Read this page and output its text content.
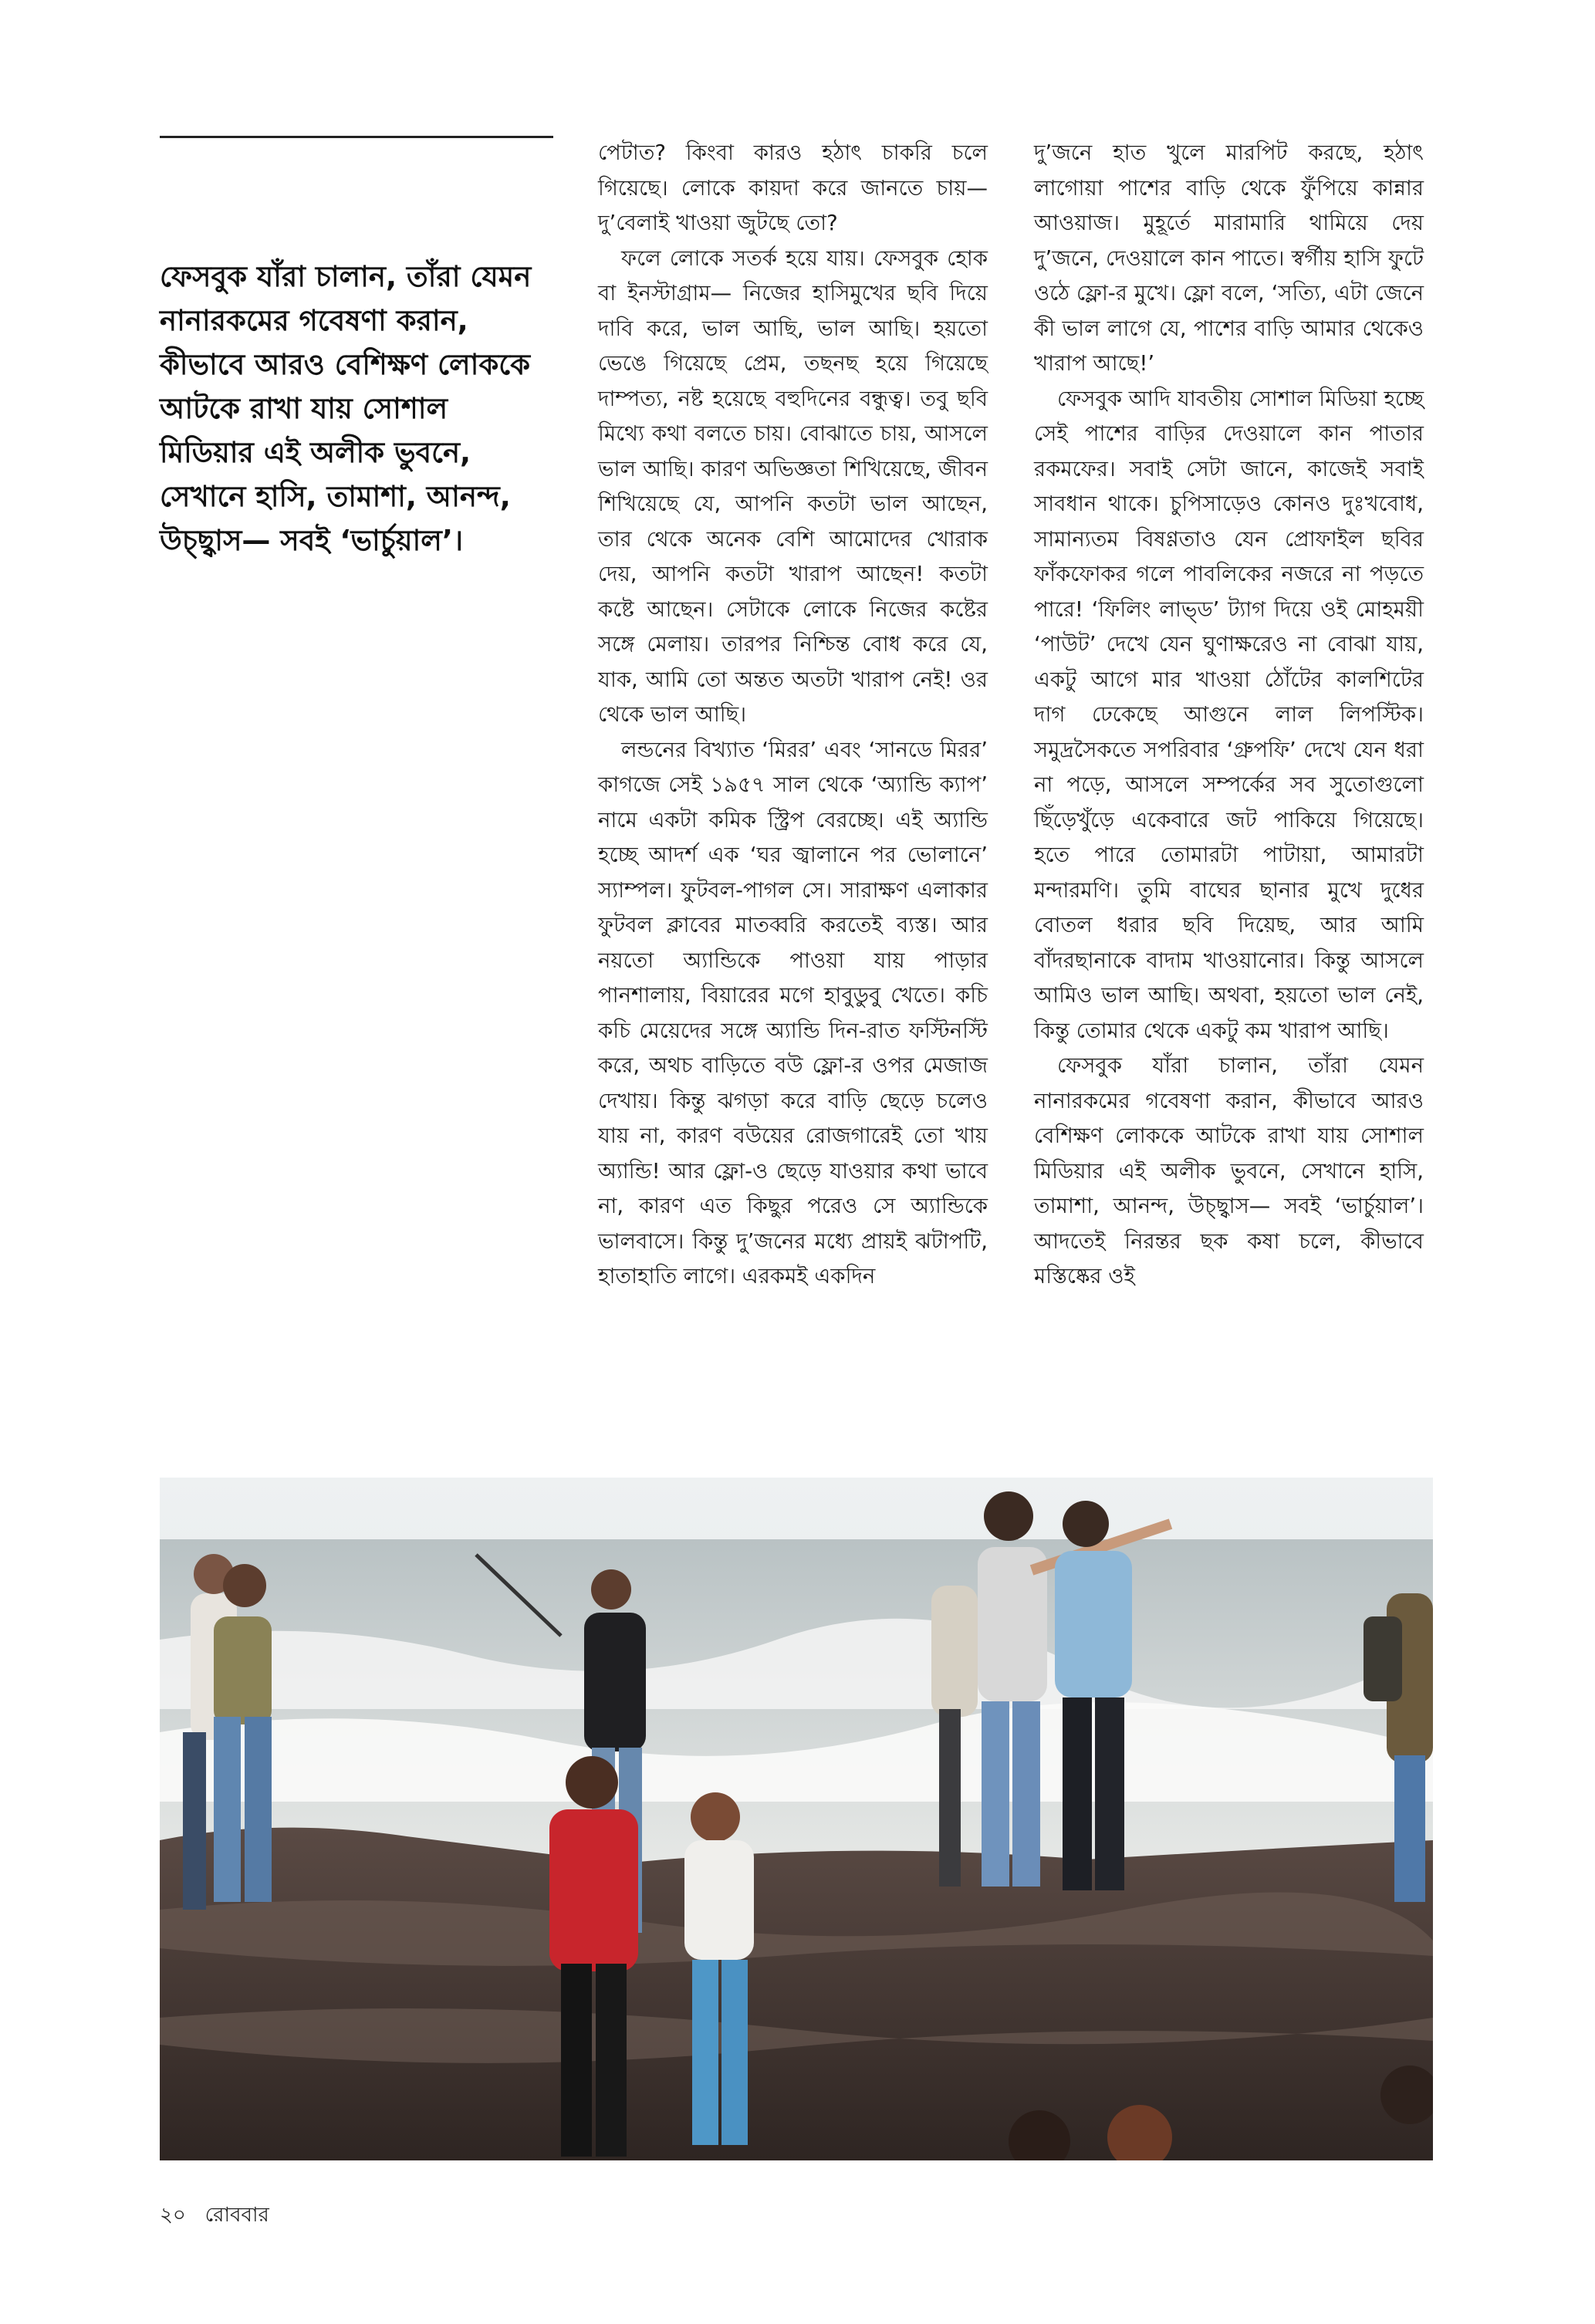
ফেসবুক যাঁরা চালান, তাঁরা যেমন নানারকমের গবেষণা করান, কীভাবে আরও বেশিক্ষণ লোককে আটকে রাখা যায় সোশাল মিডিয়ার এই অলীক ভুবনে, সেখানে হাসি, তামাশা, আনন্দ, উচ্ছ্বাস— সবই ‘ভার্চুয়াল’।

পেটাত? কিংবা কারও হঠাৎ চাকরি চলে গিয়েছে। লোকে কায়দা করে জানতে চায়— দু’বেলাই খাওয়া জুটছে তো?

ফলে লোকে সতর্ক হয়ে যায়। ফেসবুক হোক বা ইনস্টাগ্রাম— নিজের হাসিমুখের ছবি দিয়ে দাবি করে, ভাল আছি, ভাল আছি। হয়তো ভেঙে গিয়েছে প্রেম, তছনছ হয়ে গিয়েছে দাম্পত্য, নষ্ট হয়েছে বহুদিনের বন্ধুত্ব। তবু ছবি মিথ্যে কথা বলতে চায়। বোঝাতে চায়, আসলে ভাল আছি। কারণ অভিজ্ঞতা শিখিয়েছে, জীবন শিখিয়েছে যে, আপনি কতটা ভাল আছেন, তার থেকে অনেক বেশি আমোদের খোরাক দেয়, আপনি কতটা খারাপ আছেন! কতটা কষ্টে আছেন। সেটাকে লোকে নিজের কষ্টের সঙ্গে মেলায়। তারপর নিশ্চিন্ত বোধ করে যে, যাক, আমি তো অন্তত অতটা খারাপ নেই! ওর থেকে ভাল আছি।

লন্ডনের বিখ্যাত ‘মিরর’ এবং ‘সানডে মিরর’ কাগজে সেই ১৯৫৭ সাল থেকে ‘অ্যান্ডি ক্যাপ’ নামে একটা কমিক স্ট্রিপ বেরচ্ছে। এই অ্যান্ডি হচ্ছে আদর্শ এক ‘ঘর জ্বালানে পর ভোলানে’ স্যাম্পল। ফুটবল-পাগল সে। সারাক্ষণ এলাকার ফুটবল ক্লাবের মাতব্বরি করতেই ব্যস্ত। আর নয়তো অ্যান্ডিকে পাওয়া যায় পাড়ার পানশালায়, বিয়ারের মগে হাবুডুবু খেতে। কচি কচি মেয়েদের সঙ্গে অ্যান্ডি দিন-রাত ফস্টিনস্টি করে, অথচ বাড়িতে বউ ফ্লো-র ওপর মেজাজ দেখায়। কিন্তু ঝগড়া করে বাড়ি ছেড়ে চলেও যায় না, কারণ বউয়ের রোজগারেই তো খায় অ্যান্ডি! আর ফ্লো-ও ছেড়ে যাওয়ার কথা ভাবে না, কারণ এত কিছুর পরেও সে অ্যান্ডিকে ভালবাসে। কিন্তু দু’জনের মধ্যে প্রায়ই ঝটাপটি, হাতাহাতি লাগে। এরকমই একদিন

দু’জনে হাত খুলে মারপিট করছে, হঠাৎ লাগোয়া পাশের বাড়ি থেকে ফুঁপিয়ে কান্নার আওয়াজ। মুহূর্তে মারামারি থামিয়ে দেয় দু’জনে, দেওয়ালে কান পাতে। স্বর্গীয় হাসি ফুটে ওঠে ফ্লো-র মুখে। ফ্লো বলে, ‘সত্যি, এটা জেনে কী ভাল লাগে যে, পাশের বাড়ি আমার থেকেও খারাপ আছে!’

ফেসবুক আদি যাবতীয় সোশাল মিডিয়া হচ্ছে সেই পাশের বাড়ির দেওয়ালে কান পাতার রকমফের। সবাই সেটা জানে, কাজেই সবাই সাবধান থাকে। চুপিসাড়েও কোনও দুঃখবোধ, সামান্যতম বিষণ্ণতাও যেন প্রোফাইল ছবির ফাঁকফোকর গলে পাবলিকের নজরে না পড়তে পারে! ‘ফিলিং লাভ্‌ড’ ট্যাগ দিয়ে ওই মোহময়ী ‘পাউট’ দেখে যেন ঘুণাক্ষরেও না বোঝা যায়, একটু আগে মার খাওয়া ঠোঁটের কালশিটের দাগ ঢেকেছে আগুনে লাল লিপস্টিক। সমুদ্রসৈকতে সপরিবার ‘গ্রুপফি’ দেখে যেন ধরা না পড়ে, আসলে সম্পর্কের সব সুতোগুলো ছিঁড়েখুঁড়ে একেবারে জট পাকিয়ে গিয়েছে। হতে পারে তোমারটা পাটায়া, আমারটা মন্দারমণি। তুমি বাঘের ছানার মুখে দুধের বোতল ধরার ছবি দিয়েছ, আর আমি বাঁদরছানাকে বাদাম খাওয়ানোর। কিন্তু আসলে আমিও ভাল আছি। অথবা, হয়তো ভাল নেই, কিন্তু তোমার থেকে একটু কম খারাপ আছি।

ফেসবুক যাঁরা চালান, তাঁরা যেমন নানারকমের গবেষণা করান, কীভাবে আরও বেশিক্ষণ লোককে আটকে রাখা যায় সোশাল মিডিয়ার এই অলীক ভুবনে, সেখানে হাসি, তামাশা, আনন্দ, উচ্ছ্বাস— সবই ‘ভার্চুয়াল’। আদতেই নিরন্তর ছক কষা চলে, কীভাবে মস্তিষ্কের ওই

২০ রোববার
